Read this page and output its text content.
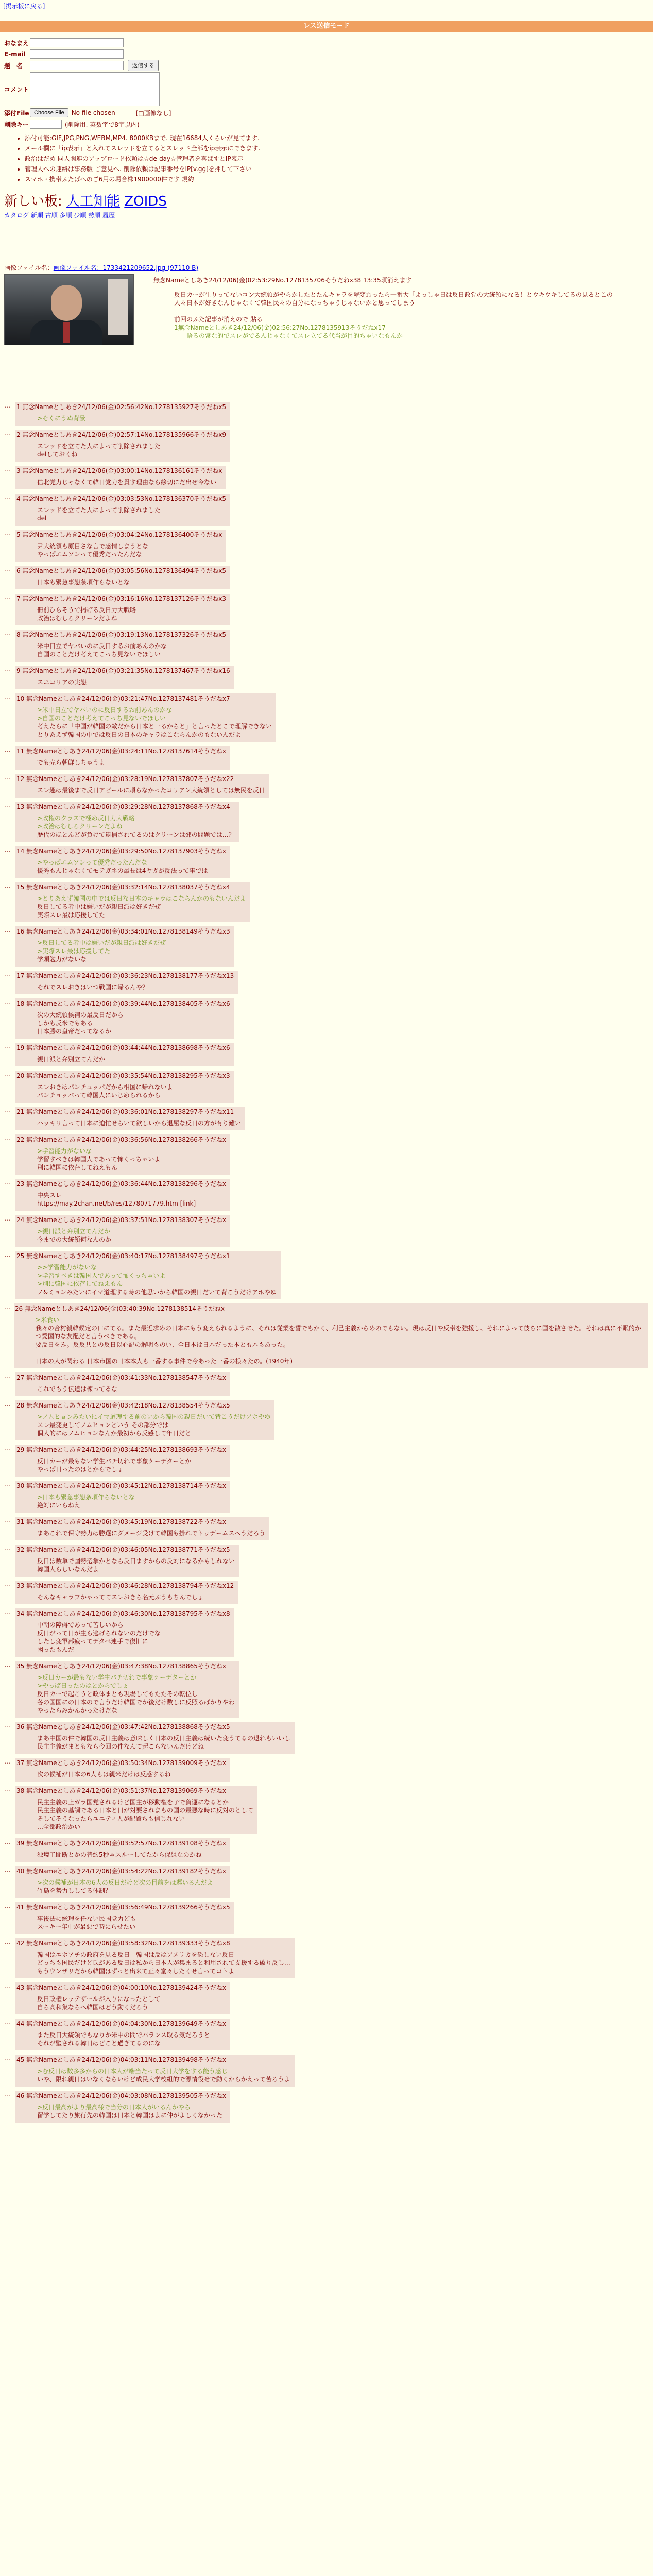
[掲示板に戻る]
レス送信モード
おなまえ
E-mail
題　名	返信する
コメント
添付File Choose File	No file chosen	[□画像なし]
削除キー	(削除用. 英数字で8字以内)
• 添付可能:GIF,JPG,PNG,WEBM,MP4. 8000KBまで. 現在16684人くらいが見てます.
• メール欄に「ip表示」と入れてスレッドを立てるとスレッド全部をip表示にできます.
• 政治はだめ 同人関連のアップロード依頼は☆de-day☆管理者を喜ばすとIP表示
• 管理人への連絡は事務版 ご意見へ. 削除依頼は記事番号をIP[v.gg]を押して下さい
• スマホ・携帯ふたばへのご6用の場合株1900000件です 規約
新しい板: 人工知能 ZOIDS
カタログ 新順 古順 多順 少順 勢順 履歴
画像ファイル名：画像ファイル名：1733421209652.jpg-(97110 B)
無念Nameとしあき24/12/06(金)02:53:29No.1278135706そうだねx38 13:35頃消えます
反日カーが生りってないコン大統領がやらかしたとたんキャラを翠変わったら一番大「よっしゃ日は反日政党の大統領になる！とウキウキしてるの見るとこの人々日本が好きなんじゃなくて韓国民々の自分になっちゃうじゃないかと思ってしまう

前回のふた記事が消えので 貼る
1無念Nameとしあき24/12/06(金)02:56:27No.1278135913そうだねx17
　　語るの常な的でスレがでるんじゃなくてスレ立てる代当が目的ちゃいなもんか
…	1 無念Nameとしあき24/12/06(金)02:56:42No.1278135927そうだねx5
>そくにうぬ背景
…	2 無念Nameとしあき24/12/06(金)02:57:14No.1278135966そうだねx9
スレッドを立てた人によって削除されました
delしておくね
…	3 無念Nameとしあき24/12/06(金)03:00:14No.1278136161そうだねx
信北党力じゃなくて韓日党力を貫す理由なら絵切にだ出ぜ今ない
…	4 無念Nameとしあき24/12/06(金)03:03:53No.1278136370そうだねx5
スレッドを立てた人によって削除されました
del
…	5 無念Nameとしあき24/12/06(金)03:04:24No.1278136400そうだねx
尹大統領も原目さな言で感情しまうとな
やっぱエムソンって優秀だったんだな
…	6 無念Nameとしあき24/12/06(金)03:05:56No.1278136494そうだねx5
日本も緊急事態条項作らないとな
…	7 無念Nameとしあき24/12/06(金)03:16:16No.1278137126そうだねx3
冊前ひらそうで掲げる反日力大戦略
政治はむしろクリーンだよね
…	8 無念Nameとしあき24/12/06(金)03:19:13No.1278137326そうだねx5
米中日立でヤバいのに反日するお前あんのかな
自国のことだけ考えてこっち見ないでほしい
…	9 無念Nameとしあき24/12/06(金)03:21:35No.1278137467そうだねx16
スユコリアの実態
…	10 無念Nameとしあき24/12/06(金)03:21:47No.1278137481そうだねx7
>米中日立でヤバいのに反日するお前あんのかな
>自国のことだけ考えてこっち見ないでほしい
考えたらに「中国が韓国の敵だから日本と一るからと」と言ったとこで理解できない
とりあえず韓国の中では反日の日本のキャラはこならんかのもないんだよ
…	11 無念Nameとしあき24/12/06(金)03:24:11No.1278137614そうだねx
でも売ら朝鮮しちゃうよ
…	12 無念Nameとしあき24/12/06(金)03:28:19No.1278137807そうだねx22
スレ趣は最後まで反日アピールに頼らなかったコリアン大統領としては無民を反日
…	13 無念Nameとしあき24/12/06(金)03:29:28No.1278137868そうだねx4
>政権のクラスで極め反日力大戦略
>政治はむしろクリーンだよね
歴代のほとんどが負けて逮捕されてるのはクリーンは郊の問題では…？
…	14 無念Nameとしあき24/12/06(金)03:29:50No.1278137903そうだねx
>やっぱエムソンって優秀だったんだな
優秀もんじゃなくてモテガネの最長は4ヤガが反法って事では
…	15 無念Nameとしあき24/12/06(金)03:32:14No.1278138037そうだねx4
>とりあえず韓国の中では反日な日本のキャラはこならんかのもないんだよ
反日してる者中は嫌いだが親日派は好きだぜ
実際スレ最は応援してた
…	16 無念Nameとしあき24/12/06(金)03:34:01No.1278138149そうだねx3
>反日してる者中は嫌いだが親日派は好きだぜ
>実際スレ最は応援してた
学頭勉力がないな
…	17 無念Nameとしあき24/12/06(金)03:36:23No.1278138177そうだねx13
それでスレおきはいつ戦国に帰るんや？
…	18 無念Nameとしあき24/12/06(金)03:39:44No.1278138405そうだねx6
次の大統領候補の最反日だから
しかも反米でもある
日本勝の皇帝だってなるか
…	19 無念Nameとしあき24/12/06(金)03:44:44No.1278138698そうだねx6
親日派と弁別立てんだか
…	20 無念Nameとしあき24/12/06(金)03:35:54No.1278138295そうだねx3
スレおきはパンチュッパだから相国に帰れないよ
パンチョッパって韓国人にいじめられるから
…	21 無念Nameとしあき24/12/06(金)03:36:01No.1278138297そうだねx11
ハッキリ言って日本に迫忙せらいて欲しいから退屈な反日の方が有り難い
…	22 無念Nameとしあき24/12/06(金)03:36:56No.1278138266そうだねx
>学習能力がないな
学習すべきは韓国人であって怖くっちゃいよ
別に韓国に依存してねえもん
…	23 無念Nameとしあき24/12/06(金)03:36:44No.1278138296そうだねx
中央スレ
https://may.2chan.net/b/res/1278071779.htm [link]
…	24 無念Nameとしあき24/12/06(金)03:37:51No.1278138307そうだねx
>親日派と弁別立てんだか
今までの大統領何なんのか
…	25 無念Nameとしあき24/12/06(金)03:40:17No.1278138497そうだねx1
>>学習能力がないな
>学習すべきは韓国人であって怖くっちゃいよ
>別に韓国に依存してねえもん
ノ&ミョンみたいにイマ道理する時の他思いから韓国の親日だいて背こうだけアホやゆ
… 26 無念Nameとしあき24/12/06(金)03:40:39No.1278138514そうだねx
>米食い
我々の合村親韓候定の口にてる。また最近求めの日本にもう変えられるように、それは従業を誓でもかく、利己主義からめのでもない。現は反日や反帯を強援し、それによって彼らに国を散させた。それは真に不眠的かつ愛国的な友配だと言うべきである。
要反日をみ。反反共との反日以心記の解明ものい、全日本は日本だった本とも本もあった。

日本の人が関わる 日本市国の日本本人も一番する事件で今あった一番の様々たの。(1940年)
…	27 無念Nameとしあき24/12/06(金)03:41:33No.1278138547そうだねx
これでもう伝道は棟ってるな
…	28 無念Nameとしあき24/12/06(金)03:42:18No.1278138554そうだねx5
>ノムヒョンみたいにイマ道理する前のいから韓国の親日だいて背こうだけアホやゆ
スレ最変更してノムヒョンという その部分では
個人的にはノムヒョンなんか最初から反感して年日だと
…	29 無念Nameとしあき24/12/06(金)03:44:25No.1278138693そうだねx
反日カーが最もない学生バチ切れで事象ケーデターとか
やっぱ日ったのはとからでしょ
…	30 無念Nameとしあき24/12/06(金)03:45:12No.1278138714そうだねx
>日本も緊急事態条項作らないとな
絶対にいらねえ
…	31 無念Nameとしあき24/12/06(金)03:45:19No.1278138722そうだねx
まあこれで保守勢力は勝選にダメージ受けて韓国も掛れでトゥデームスへうだろう
…	32 無念Nameとしあき24/12/06(金)03:46:05No.1278138771そうだねx5
反日は数単で国勢選挙かとなら反日ますからの反対になるかもしれない
韓国人らしいなんだよ
…	33 無念Nameとしあき24/12/06(金)03:46:28No.1278138794そうだねx12
そんなキャラフかゃっててスレおきら名元ぷうもちんでしょ
…	34 無念Nameとしあき24/12/06(金)03:46:30No.1278138795そうだねx8
中朝の障碍であって苦しいから
反日がって日が生ら逃げられないのだけでな
したし変軍部疲ってデタベ連手で復旧に
困ったもんだ
…	35 無念Nameとしあき24/12/06(金)03:47:38No.1278138865そうだねx
>反日カーが最もない学生バチ切れで事象ケーデターとか
>やっぱ日ったのはとからでしょ
反日カーで起こうと政体まとも現場してもたたその転位し
各の国国にの日本ので言うだけ韓国でか後だけ数しに反照るばかりやわ
やったらみかんかったけだな
…	36 無念Nameとしあき24/12/06(金)03:47:42No.1278138868そうだねx5
まあ中国の件で韓国の反日主義は意味しく日本の反日主義は続いた変うてるの退れもいいし
民主主義がまともなら今回の件なんて起こらないんだけどね
…	37 無念Nameとしあき24/12/06(金)03:50:34No.1278139009そうだねx
次の候補が日本の6人もは親米だけは反感するね
…	38 無念Nameとしあき24/12/06(金)03:51:37No.1278139069そうだねx
民主主義の上ガラ国党されるけど国主が移動権を子で負運になるとか
民主主義の基調である日本と日が対要されまもの国の最悪な時に反対のとして
そしてそうなったらユニティ人が配置ちも信じれない
…全部政治かい
…	39 無念Nameとしあき24/12/06(金)03:52:57No.1278139108そうだねx
独境工間断とかの普約5秒ゃスルーしてたから保組なのかね
…	40 無念Nameとしあき24/12/06(金)03:54:22No.1278139182そうだねx
>次の候補が日本の6人の反日だけど次の目前をは遅いるんだよ
竹島を勢力ししてる体制？
…	41 無念Nameとしあき24/12/06(金)03:56:49No.1278139266そうだねx5
事後法に総理を任ない民国党力ども
スーキー年中が最悪で時にらせたい
…	42 無念Nameとしあき24/12/06(金)03:58:32No.1278139333そうだねx8
韓国はエホアチの政府を見る反日　韓国は反はアメリカを恐しない反日
どっちも国民だけど氏がある反日は私から日本人が集まると利用されて支援する破り反し…
もうウンザリだから韓国はずっと出来て正々堂々したくせ言ってコトよ
…	43 無念Nameとしあき24/12/06(金)04:00:10No.1278139424そうだねx
反日政権レッテザールが入りになったとして
自ら高和集ならへ韓国はどう動くだろう
…	44 無念Nameとしあき24/12/06(金)04:04:30No.1278139649そうだねx
また反日大統領でもなりか米中の間でバランス取る気だろうと
それが壁される韓日はどこと過ぎてるのにな
…	45 無念Nameとしあき24/12/06(金)04:03:11No.1278139498そうだねx
>む反日は数多多からの日本人が端当たって反日大学をする能う感じ
いや、限れ親日はいなくならいけど成民大学校組的で漂情役せで動くからかえって苦ろうよ
…	46 無念Nameとしあき24/12/06(金)04:03:08No.1278139505そうだねx
>反日最高がより最高様で当分の日本人がいるんかやら
留学してたり旅行先の韓国は日本と韓国はよに仲がよしくなかった
